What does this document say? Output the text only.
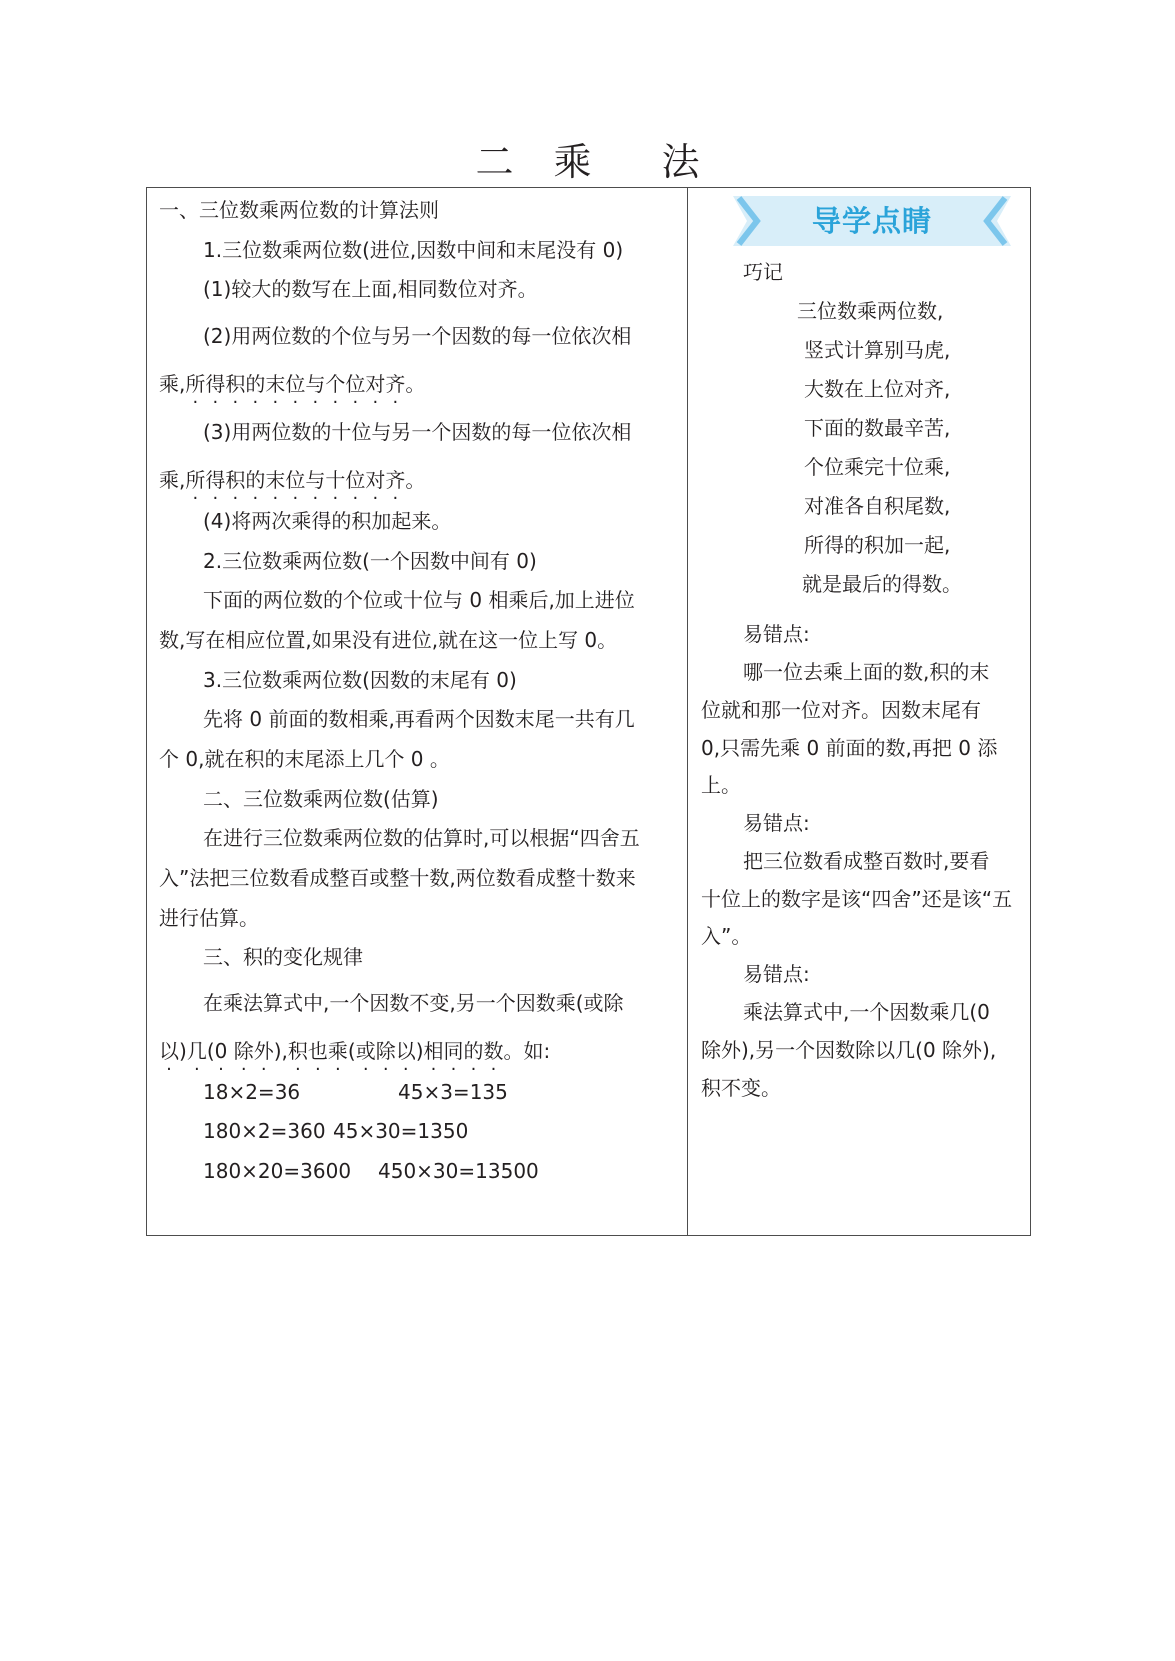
二 乘 法
一、三位数乘两位数的计算法则
1.三位数乘两位数(进位,因数中间和末尾没有 0)
(1)较大的数写在上面,相同数位对齐。
(2)用两位数的个位与另一个因数的每一位依次相
乘,所得积的末位与个位对齐。
(3)用两位数的十位与另一个因数的每一位依次相
乘,所得积的末位与十位对齐。
(4)将两次乘得的积加起来。
2.三位数乘两位数(一个因数中间有 0)
下面的两位数的个位或十位与 0 相乘后,加上进位
数,写在相应位置,如果没有进位,就在这一位上写 0。
3.三位数乘两位数(因数的末尾有 0)
先将 0 前面的数相乘,再看两个因数末尾一共有几
个 0,就在积的末尾添上几个 0 。
二、三位数乘两位数(估算)
在进行三位数乘两位数的估算时,可以根据“四舍五
入”法把三位数看成整百或整十数,两位数看成整十数来
进行估算。
三、积的变化规律
在乘法算式中,一个因数不变,另一个因数乘(或除
以)几(0 · 除外),积也乘(或除以)相同的数。如:
18×2=36	45×3=135
180×2=360 45×30=1350
180×20=3600 450×30=13500
导学点睛
巧记
三位数乘两位数,
竖式计算别马虎,
大数在上位对齐,
下面的数最辛苦,
个位乘完十位乘,
对准各自积尾数,
所得的积加一起,
就是最后的得数。
易错点:
哪一位去乘上面的数,积的末
位就和那一位对齐。因数末尾有
0,只需先乘 0 前面的数,再把 0 添
上。
易错点:
把三位数看成整百数时,要看
十位上的数字是该“四舍”还是该“五
入”。
易错点:
乘法算式中,一个因数乘几(0
除外),另一个因数除以几(0 除外),
积不变。
